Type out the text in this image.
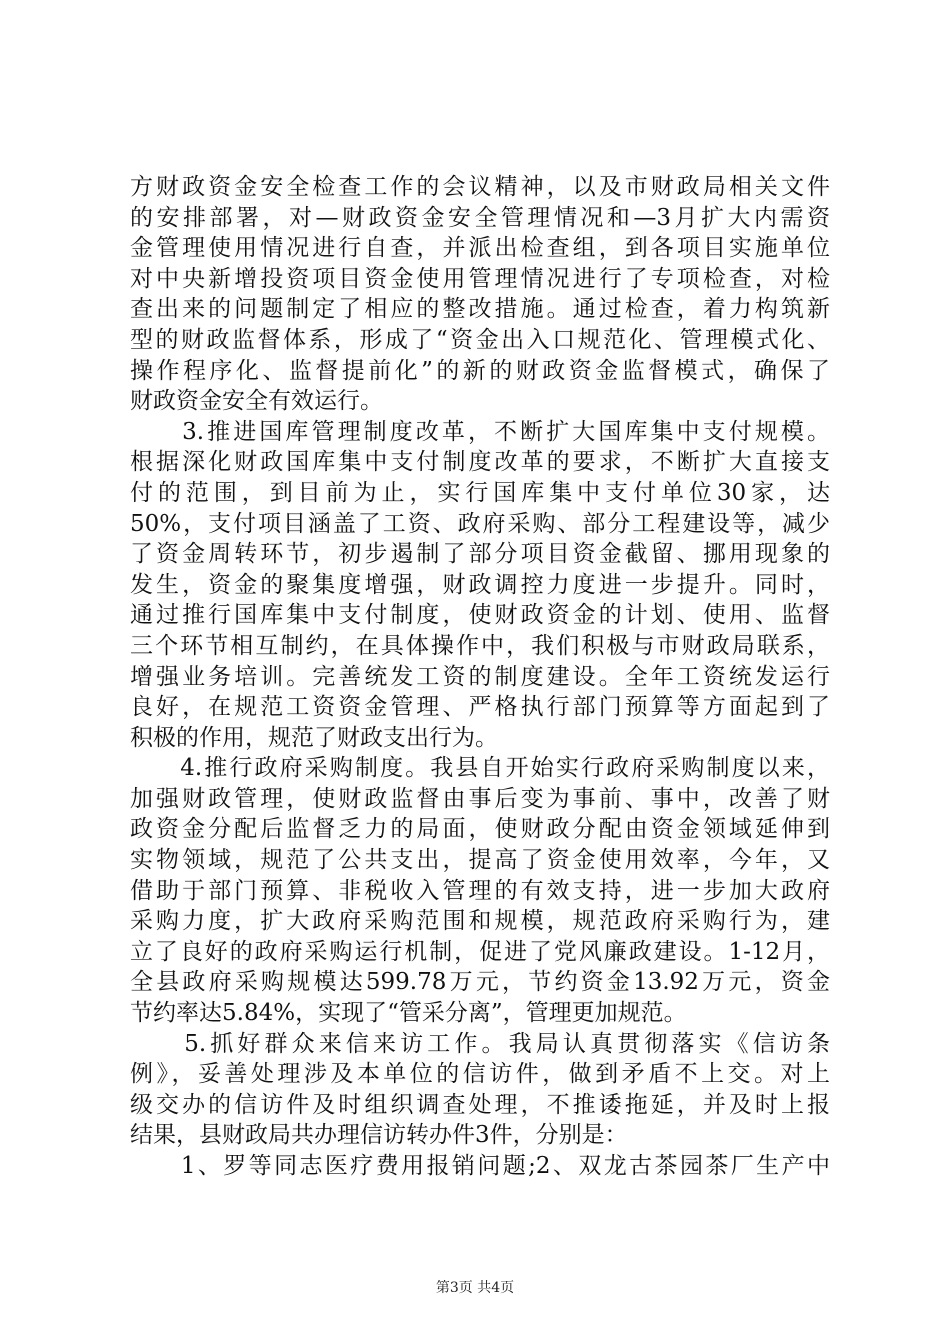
方财政资金安全检查工作的会议精神，以及市财政局相关文件
的安排部署，对—财政资金安全管理情况和—3月扩大内需资
金管理使用情况进行自查，并派出检查组，到各项目实施单位
对中央新增投资项目资金使用管理情况进行了专项检查，对检
查出来的问题制定了相应的整改措施。通过检查，着力构筑新
型的财政监督体系，形成了“资金出入口规范化、管理模式化、
操作程序化、监督提前化”的新的财政资金监督模式，确保了
财政资金安全有效运行。
　　3.推进国库管理制度改革，不断扩大国库集中支付规模。
根据深化财政国库集中支付制度改革的要求，不断扩大直接支
付的范围，到目前为止，实行国库集中支付单位30家，达
50%，支付项目涵盖了工资、政府采购、部分工程建设等，减少
了资金周转环节，初步遏制了部分项目资金截留、挪用现象的
发生，资金的聚集度增强，财政调控力度进一步提升。同时，
通过推行国库集中支付制度，使财政资金的计划、使用、监督
三个环节相互制约，在具体操作中，我们积极与市财政局联系，
增强业务培训。完善统发工资的制度建设。全年工资统发运行
良好，在规范工资资金管理、严格执行部门预算等方面起到了
积极的作用，规范了财政支出行为。
　　4.推行政府采购制度。我县自开始实行政府采购制度以来，
加强财政管理，使财政监督由事后变为事前、事中，改善了财
政资金分配后监督乏力的局面，使财政分配由资金领域延伸到
实物领域，规范了公共支出，提高了资金使用效率，今年，又
借助于部门预算、非税收入管理的有效支持，进一步加大政府
采购力度，扩大政府采购范围和规模，规范政府采购行为，建
立了良好的政府采购运行机制，促进了党风廉政建设。1-12月，
全县政府采购规模达599.78万元，节约资金13.92万元，资金
节约率达5.84%，实现了“管采分离”，管理更加规范。
　　5.抓好群众来信来访工作。我局认真贯彻落实《信访条
例》，妥善处理涉及本单位的信访件，做到矛盾不上交。对上
级交办的信访件及时组织调查处理，不推诿拖延，并及时上报
结果，县财政局共办理信访转办件3件，分别是：
　　1、罗等同志医疗费用报销问题;2、双龙古茶园茶厂生产中
第3页 共4页
